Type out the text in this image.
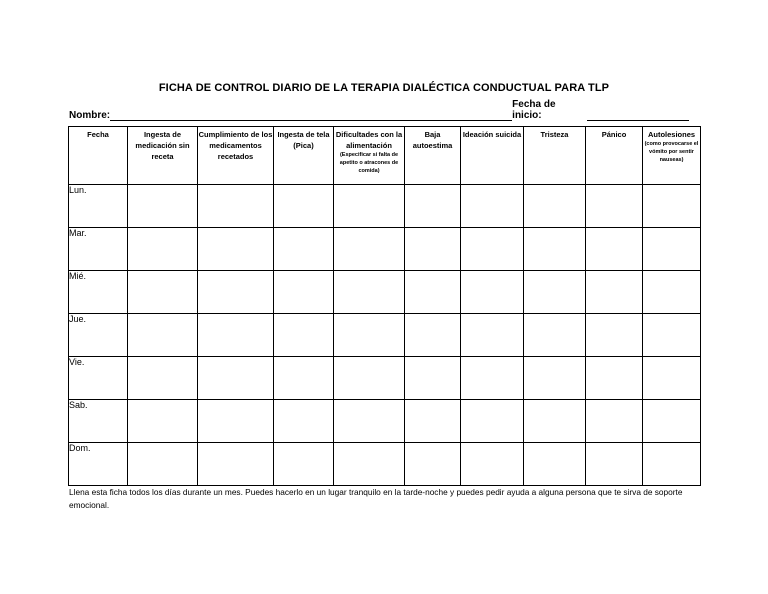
FICHA DE CONTROL DIARIO DE LA TERAPIA DIALÉCTICA CONDUCTUAL PARA TLP
Nombre:
Fecha de inicio:
Fecha	Ingesta de medicación sin receta	Cumplimiento de los medicamentos recetados	Ingesta de tela (Pica)	Dificultades con la alimentación
(Especificar si falta de apetito o atracones de comida)	Baja autoestima	Ideación suicida	Tristeza	Pánico	Autolesiones
(como provocarse el vómito por sentir nauseas)

Lun.									
Mar.									
Mié.									
Jue.									
Vie.									
Sab.									
Dom.									
Llena esta ficha todos los días durante un mes. Puedes hacerlo en un lugar tranquilo en la tarde-noche y puedes pedir ayuda a alguna persona que te sirva de soporte emocional.
